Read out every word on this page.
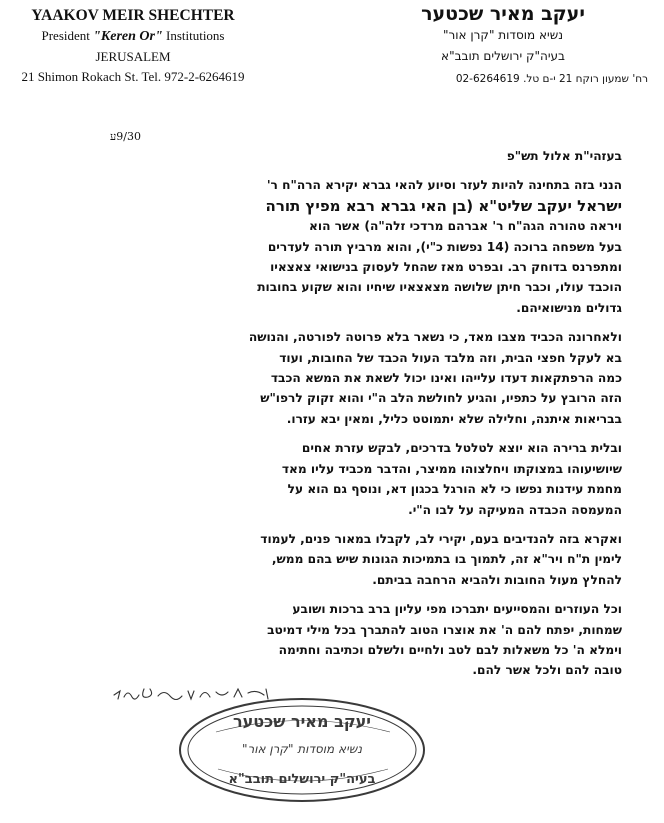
YAAKOV MEIR SHECHTER
President "Keren Or" Institutions
JERUSALEM
21 Shimon Rokach St. Tel. 972-2-6264619
יעקב מאיר שכטער
נשיא מוסדות "קרן אור"
בעיה"ק ירושלים תובב"א
רח' שמעון רוקח 21 י-ם טל. 02-6264619
9/30ע

בעזהי"ת אלול תש"פ

הנני בזה בתחינה להיות לעזר וסיוע להאי גברא יקירא הרה"ח ר'
ישראל יעקב שליט"א (בן האי גברא רבא מפיץ תורה
ויראה טהורה הגה"ח ר' אברהם מרדכי זלה"ה) אשר הוא
בעל משפחה ברוכה (14 נפשות כ"י), והוא מרביץ תורה לעדרים
ומתפרנס בדוחק רב. ובפרט מאז שהחל לעסוק בנישואי צאצאיו
הוכבד עולו, וכבר חיתן שלושה מצאצאיו שיחיו והוא שקוע בחובות
גדולים מנישואיהם.

ולאחרונה הכביד מצבו מאד, כי נשאר בלא פרוטה לפורטה, והנושה
בא לעקל חפצי הבית, וזה מלבד העול הכבד של החובות, ועוד
כמה הרפתקאות דעדו עלייהו ואינו יכול לשאת את המשא הכבד
הזה הרובץ על כתפיו, והגיע לחולשת הלב ה"י והוא זקוק לרפו"ש
בבריאות איתנה, וחלילה שלא יתמוטט כליל, ומאין יבא עזרו.

ובלית ברירה הוא יוצא לטלטל בדרכים, לבקש עזרת אחים
שיושיעוהו במצוקתו ויחלצוהו ממיצר, והדבר מכביד עליו מאד
מחמת עידנות נפשו כי לא הורגל בכגון דא, ונוסף גם הוא על
המעמסה הכבדה המעיקה על לבו ה"י.

ואקרא בזה להנדיבים בעם, יקירי לב, לקבלו במאור פנים, לעמוד
לימין ת"ח ויר"א זה, לתמוך בו בתמיכות הגונות שיש בהם ממש,
להחלץ מעול החובות ולהביא הרחבה בביתם.

וכל העוזרים והמסייעים יתברכו מפי עליון ברב ברכות ושובע
שמחות, יפתח להם ה' את אוצרו הטוב להתברך בכל מילי דמיטב
וימלא ה' כל משאלות לבם לטב ולחיים ולשלם וכתיבה וחתימה
טובה להם ולכל אשר להם.

יעקב מאיר שכטער
נשיא מוסדות "קרן אור"
בעיה"ק ירושלים תובב"א
